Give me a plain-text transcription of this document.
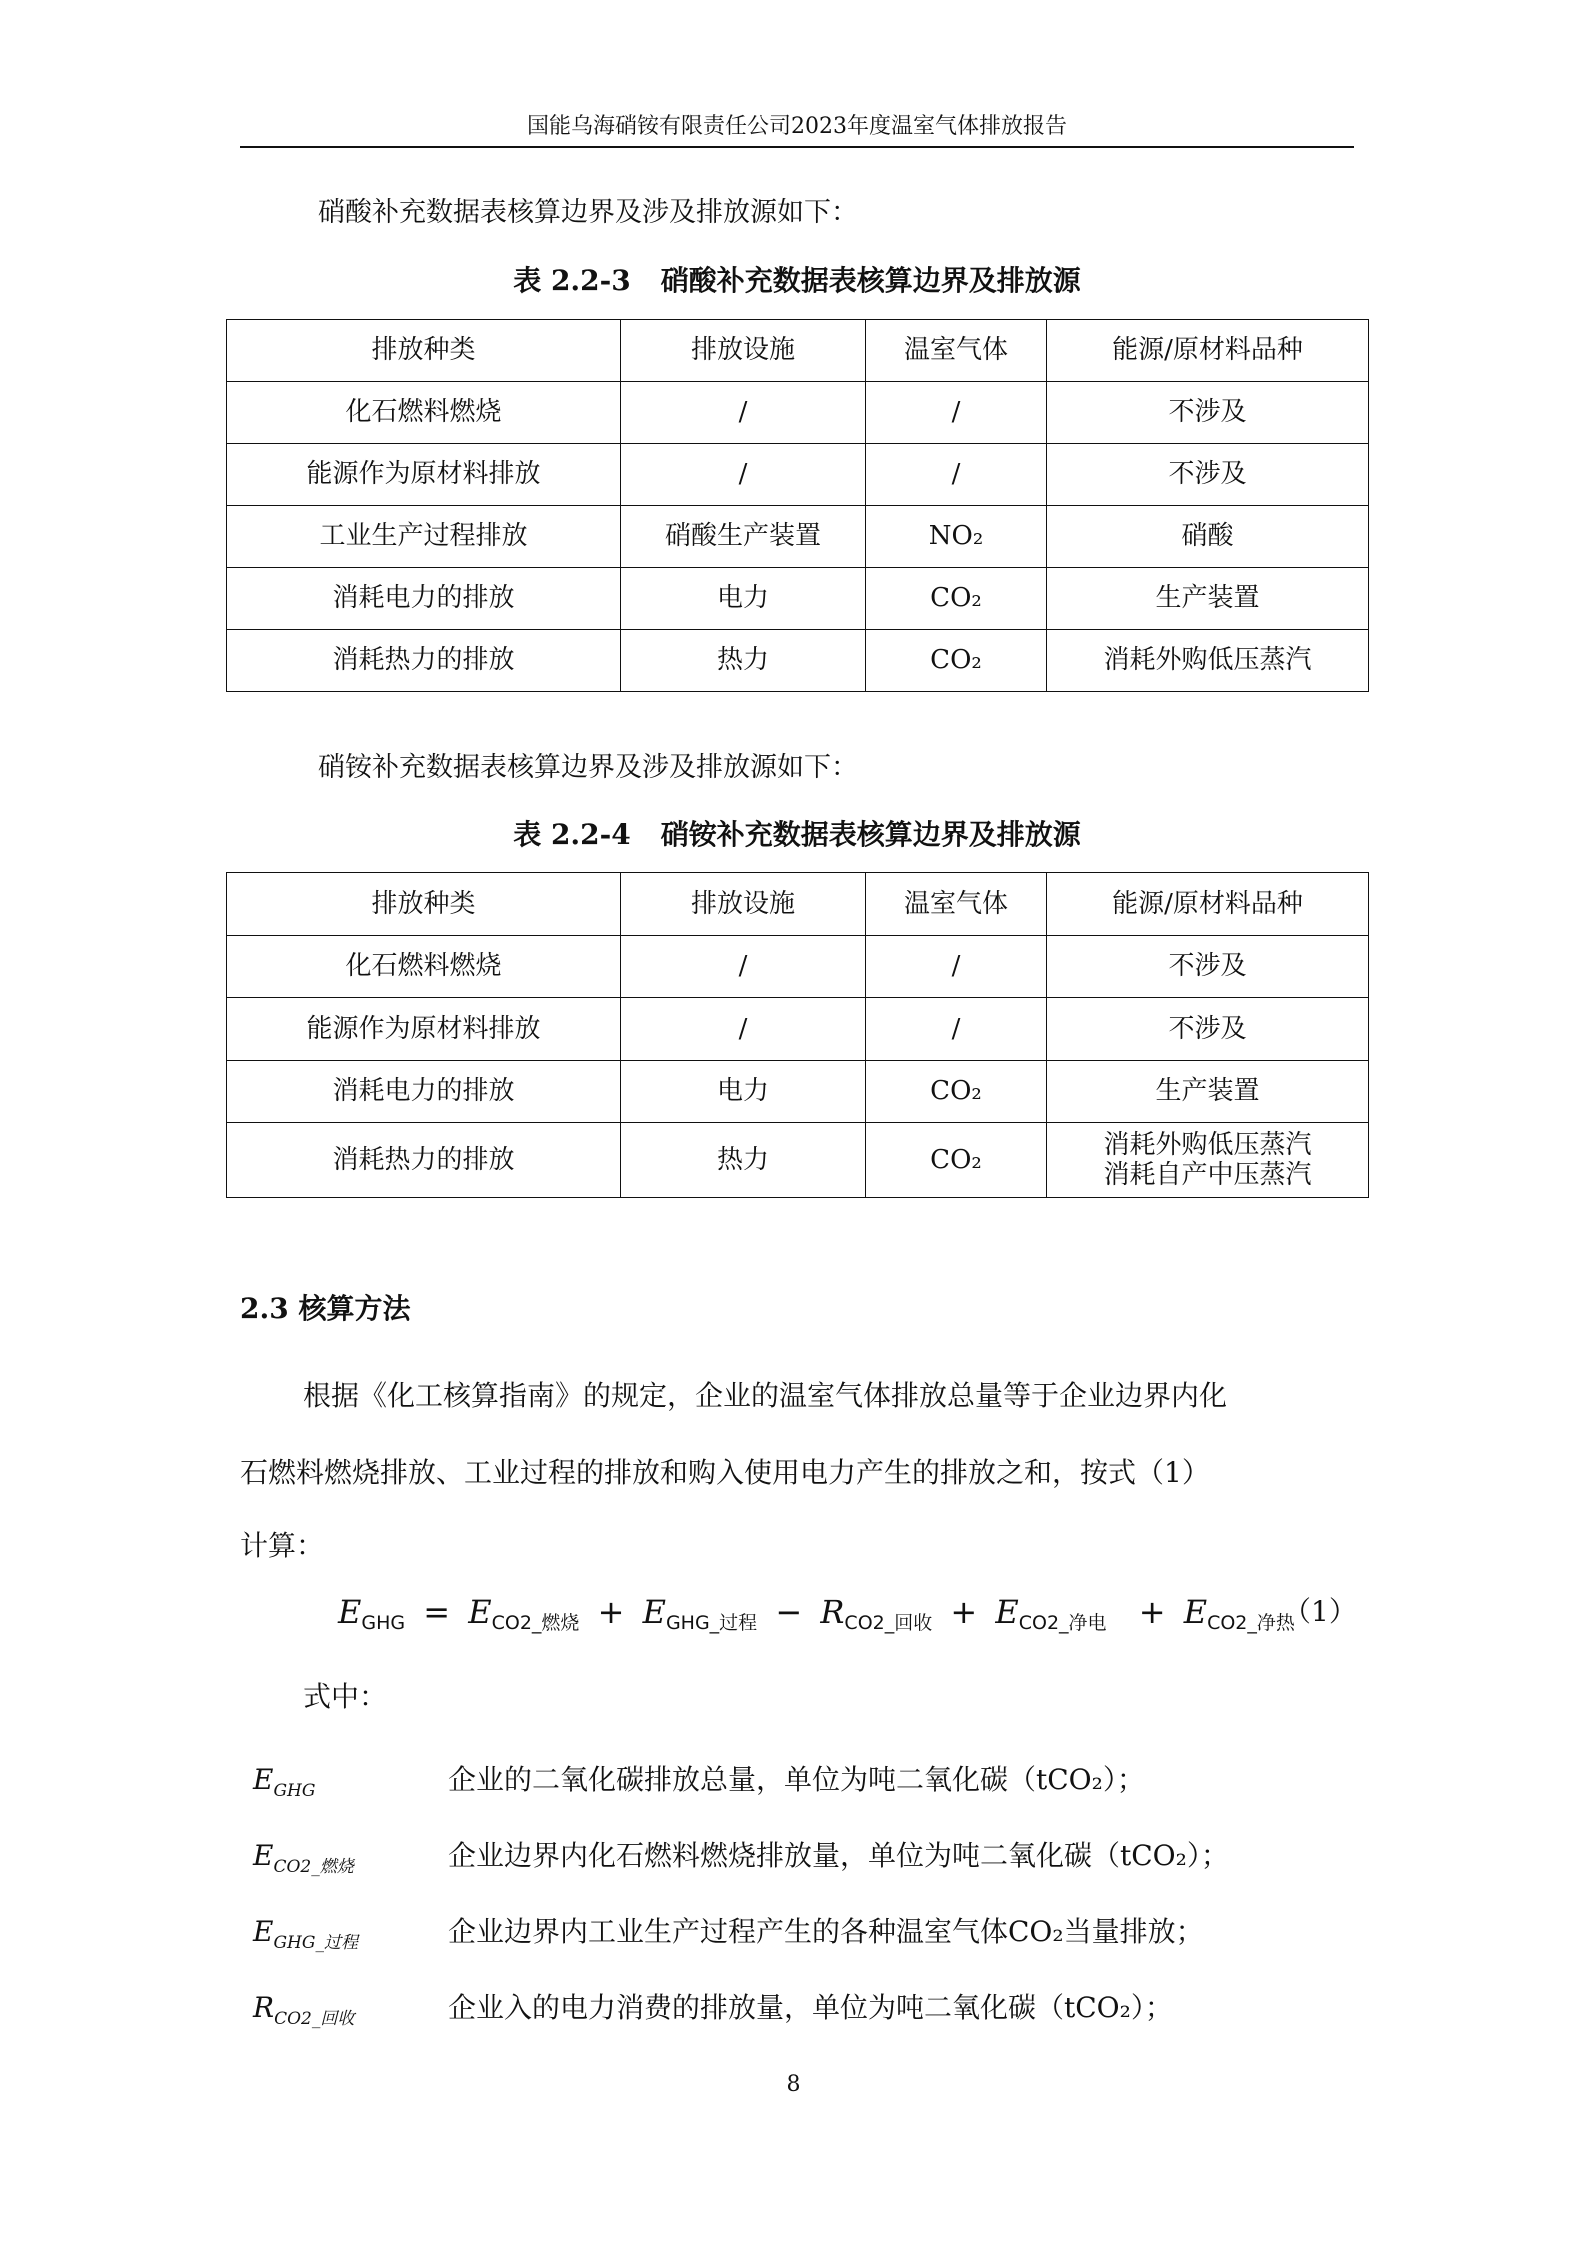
国能乌海硝铵有限责任公司2023年度温室气体排放报告
硝酸补充数据表核算边界及涉及排放源如下：
表 2.2-3 硝酸补充数据表核算边界及排放源
排放种类	排放设施	温室气体	能源/原材料品种
化石燃料燃烧	/	/	不涉及
能源作为原材料排放	/	/	不涉及
工业生产过程排放	硝酸生产装置	NO₂	硝酸
消耗电力的排放	电力	CO₂	生产装置
消耗热力的排放	热力	CO₂	消耗外购低压蒸汽
硝铵补充数据表核算边界及涉及排放源如下：
表 2.2-4 硝铵补充数据表核算边界及排放源
排放种类	排放设施	温室气体	能源/原材料品种
化石燃料燃烧	/	/	不涉及
能源作为原材料排放	/	/	不涉及
消耗电力的排放	电力	CO₂	生产装置
消耗热力的排放	热力	CO₂	消耗外购低压蒸汽
消耗自产中压蒸汽
2.3 核算方法
根据《化工核算指南》的规定，企业的温室气体排放总量等于企业边界内化
石燃料燃烧排放、工业过程的排放和购入使用电力产生的排放之和，按式（1）
计算：
$E_{GHG} = E_{CO2\_燃烧} + E_{GHG\_过程} - R_{CO2\_回收} + E_{CO2\_净电} + E_{CO2\_净热}$
（1）
式中：
$E_{GHG}$	企业的二氧化碳排放总量，单位为吨二氧化碳（tCO₂）；
$E_{CO2\_燃烧}$	企业边界内化石燃料燃烧排放量，单位为吨二氧化碳（tCO₂）；
$E_{GHG\_过程}$	企业边界内工业生产过程产生的各种温室气体CO₂当量排放；
$R_{CO2\_回收}$	企业入的电力消费的排放量，单位为吨二氧化碳（tCO₂）；
8
